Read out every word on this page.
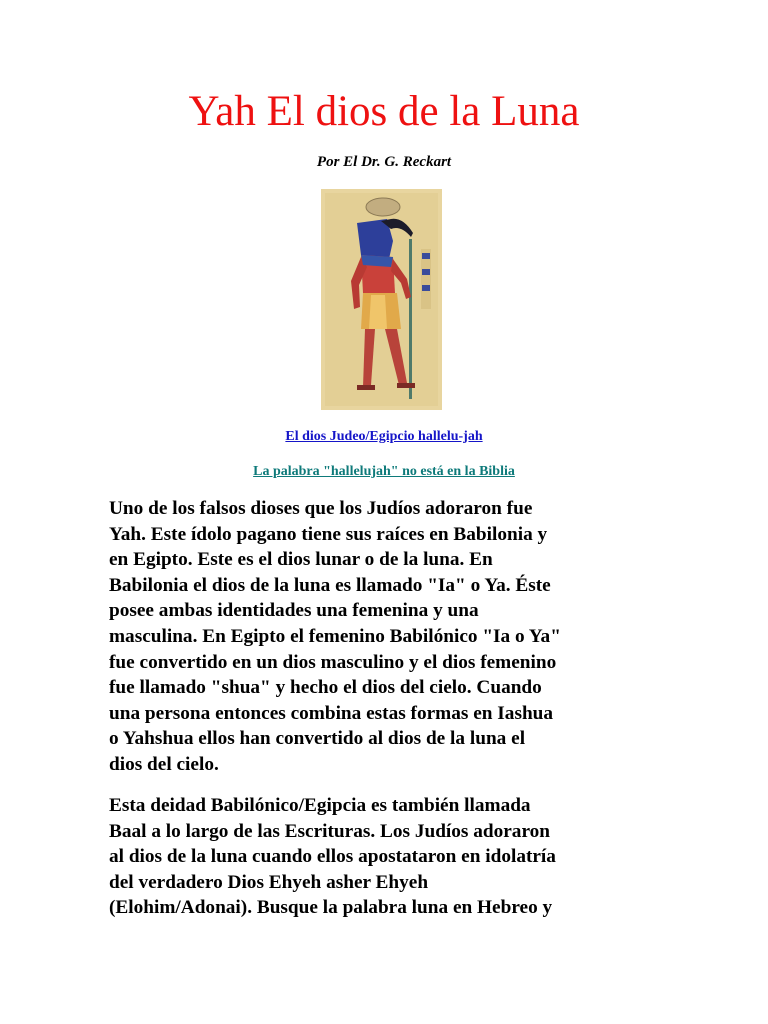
Yah El dios de la Luna
Por El Dr. G. Reckart
El dios Judeo/Egipcio hallelu-jah
La palabra "hallelujah" no está en la Biblia
Uno de los falsos dioses que los Judíos adoraron fue
Yah. Este ídolo pagano tiene sus raíces en Babilonia y
en Egipto. Este es el dios lunar o de la luna. En
Babilonia el dios de la luna es llamado "Ia" o Ya. Éste
posee ambas identidades una femenina y una
masculina. En Egipto el femenino Babilónico "Ia o Ya"
fue convertido en un dios masculino y el dios femenino
fue llamado "shua" y hecho el dios del cielo. Cuando
una persona entonces combina estas formas en Iashua
o Yahshua ellos han convertido al dios de la luna el
dios del cielo.
Esta deidad Babilónico/Egipcia es también llamada
Baal a lo largo de las Escrituras. Los Judíos adoraron
al dios de la luna cuando ellos apostataron en idolatría
del verdadero Dios Ehyeh asher Ehyeh
(Elohim/Adonai). Busque la palabra luna en Hebreo y
